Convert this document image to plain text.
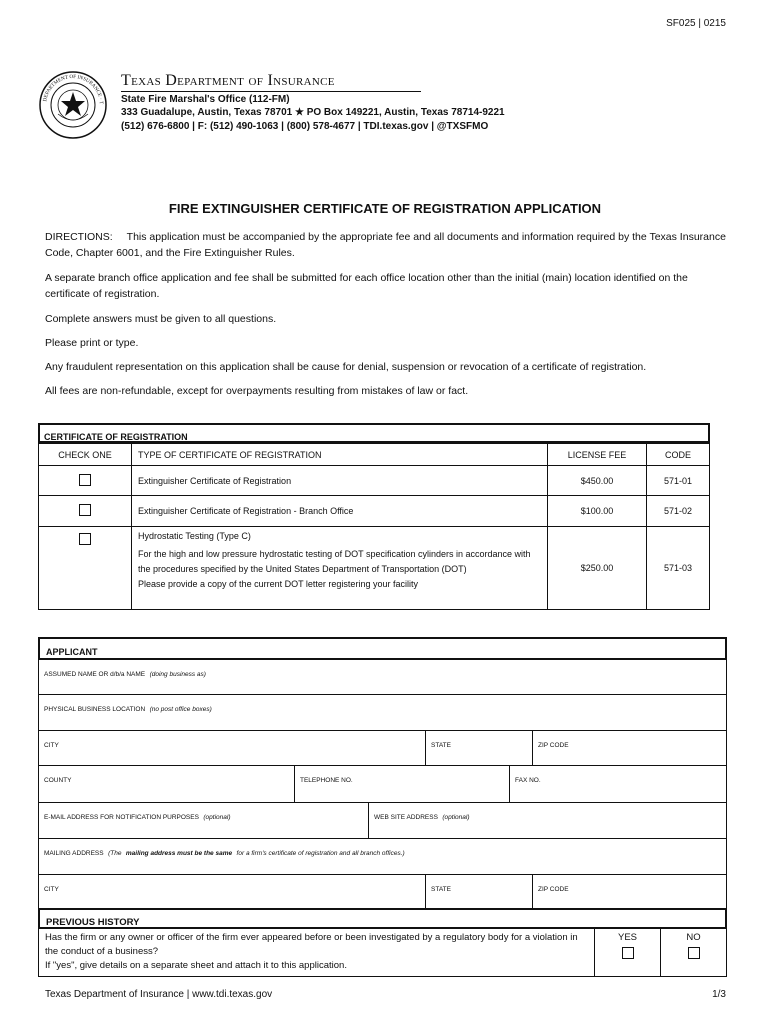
SF025 | 0215
DEPARTMENT OF INSURANCE · T
Texas Department of Insurance
State Fire Marshal's Office (112-FM)
333 Guadalupe, Austin, Texas 78701 ★ PO Box 149221, Austin, Texas 78714-9221
(512) 676-6800 | F: (512) 490-1063 | (800) 578-4677 | TDI.texas.gov | @TXSFMO
FIRE EXTINGUISHER CERTIFICATE OF REGISTRATION APPLICATION
DIRECTIONS: This application must be accompanied by the appropriate fee and all documents and information required by the Texas Insurance Code, Chapter 6001, and the Fire Extinguisher Rules.
A separate branch office application and fee shall be submitted for each office location other than the initial (main) location identified on the certificate of registration.
Complete answers must be given to all questions.
Please print or type.
Any fraudulent representation on this application shall be cause for denial, suspension or revocation of a certificate of registration.
All fees are non-refundable, except for overpayments resulting from mistakes of law or fact.
CERTIFICATE OF REGISTRATION
CHECK ONE	TYPE OF CERTIFICATE OF REGISTRATION	LICENSE FEE	CODE
	Extinguisher Certificate of Registration	$450.00	571-01
	Extinguisher Certificate of Registration - Branch Office	$100.00	571-02

	Hydrostatic Testing (Type C)
For the high and low pressure hydrostatic testing of DOT specification cylinders in accordance with the procedures specified by the United States Department of Transportation (DOT)
Please provide a copy of the current DOT letter registering your facility	$250.00	571-03
APPLICANT
ASSUMED NAME OR d/b/a NAME (doing business as)
PHYSICAL BUSINESS LOCATION (no post office boxes)
CITY	STATE	ZIP CODE
COUNTY	TELEPHONE NO.	FAX NO.
E-MAIL ADDRESS FOR NOTIFICATION PURPOSES (optional)	WEB SITE ADDRESS (optional)
MAILING ADDRESS (The mailing address must be the same for a firm's certificate of registration and all branch offices.)
CITY	STATE	ZIP CODE
PREVIOUS HISTORY
Has the firm or any owner or officer of the firm ever appeared before or been investigated by a regulatory body for a violation in the conduct of a business?
If "yes", give details on a separate sheet and attach it to this application.
YES	NO
Texas Department of Insurance | www.tdi.texas.gov	1/3
